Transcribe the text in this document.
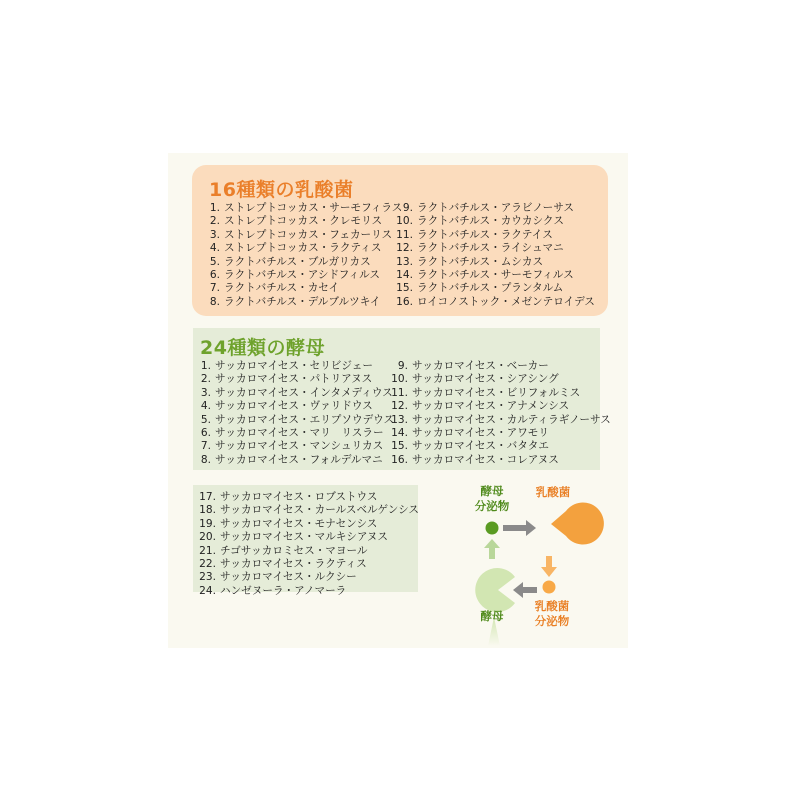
16種類の乳酸菌
1. ストレプトコッカス・サーモフィラス
2. ストレプトコッカス・クレモリス
3. ストレプトコッカス・フェカーリス
4. ストレプトコッカス・ラクティス
5. ラクトバチルス・ブルガリカス
6. ラクトバチルス・アシドフィルス
7. ラクトバチルス・カセイ
8. ラクトバチルス・デルブルツキイ
9. ラクトバチルス・アラビノーサス
10. ラクトバチルス・カウカシクス
11. ラクトバチルス・ラクテイス
12. ラクトバチルス・ライシュマニ
13. ラクトバチルス・ムシカス
14. ラクトバチルス・サーモフィルス
15. ラクトバチルス・プランタルム
16. ロイコノストック・メゼンテロイデス
24種類の酵母
1. サッカロマイセス・セリビジェー
2. サッカロマイセス・パトリアヌス
3. サッカロマイセス・インタメディウス
4. サッカロマイセス・ヴァリドウス
5. サッカロマイセス・エリプソウデウス
6. サッカロマイセス・マリ　リスラー
7. サッカロマイセス・マンシュリカス
8. サッカロマイセス・フォルデルマニ
9. サッカロマイセス・ベーカー
10. サッカロマイセス・シアシング
11. サッカロマイセス・ビリフォルミス
12. サッカロマイセス・アナメンシス
13. サッカロマイセス・カルティラギノーサス
14. サッカロマイセス・アワモリ
15. サッカロマイセス・バタタエ
16. サッカロマイセス・コレアヌス
17. サッカロマイセス・ロブストウス
18. サッカロマイセス・カールスベルゲンシス
19. サッカロマイセス・モナセンシス
20. サッカロマイセス・マルキシアヌス
21. チゴサッカロミセス・マヨール
22. サッカロマイセス・ラクティス
23. サッカロマイセス・ルクシー
24. ハンゼヌーラ・アノマーラ
酵母
分泌物
乳酸菌
乳酸菌
分泌物
酵母
